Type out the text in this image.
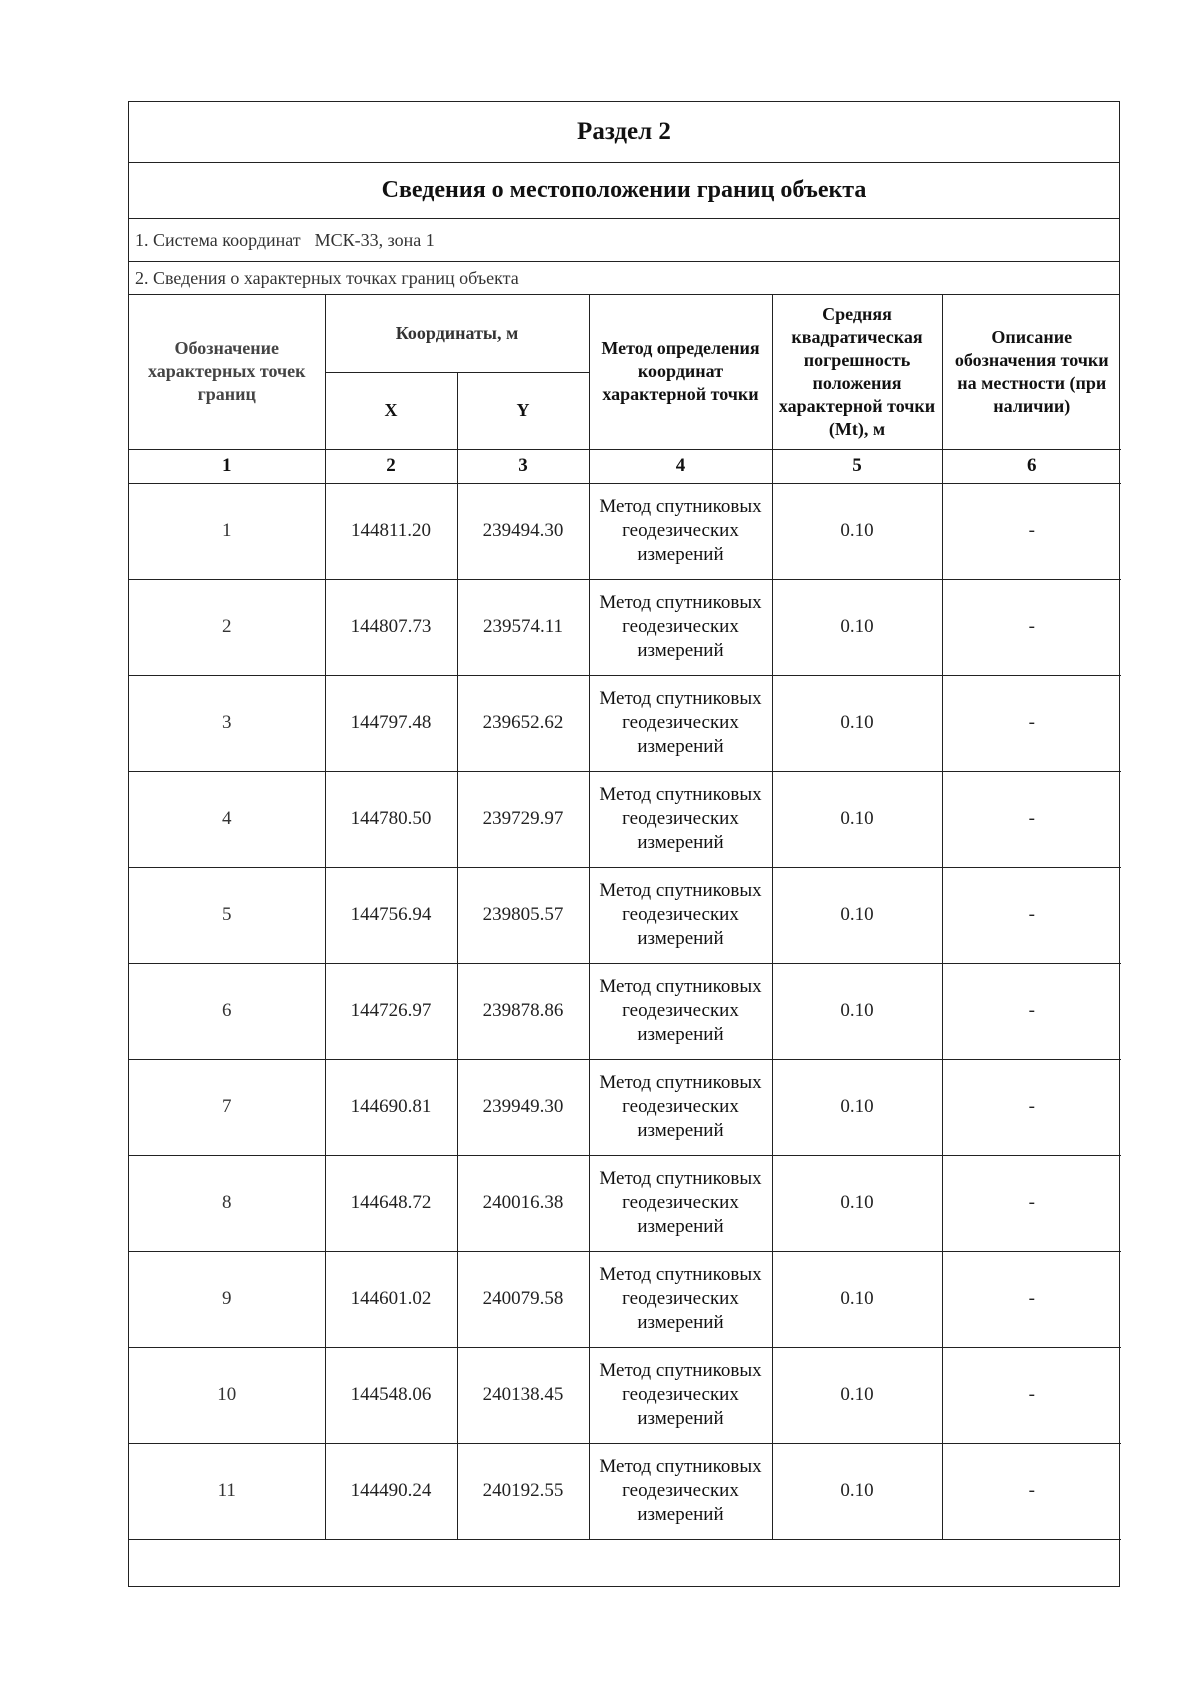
Раздел 2
Сведения о местоположении границ объекта
1. Система координат МСК-33, зона 1
2. Сведения о характерных точках границ объекта
Обозначение характерных точек границ	Координаты, м		Метод определения координат характерной точки	Средняя квадратическая погрешность положения характерной точки (Mt), м	Описание обозначения точки на местности (при наличии)
	X	Y			
1	2	3	4	5	6
1	144811.20	239494.30	Метод спутниковых геодезических измерений	0.10	-
2	144807.73	239574.11	Метод спутниковых геодезических измерений	0.10	-
3	144797.48	239652.62	Метод спутниковых геодезических измерений	0.10	-
4	144780.50	239729.97	Метод спутниковых геодезических измерений	0.10	-
5	144756.94	239805.57	Метод спутниковых геодезических измерений	0.10	-
6	144726.97	239878.86	Метод спутниковых геодезических измерений	0.10	-
7	144690.81	239949.30	Метод спутниковых геодезических измерений	0.10	-
8	144648.72	240016.38	Метод спутниковых геодезических измерений	0.10	-
9	144601.02	240079.58	Метод спутниковых геодезических измерений	0.10	-
10	144548.06	240138.45	Метод спутниковых геодезических измерений	0.10	-
11	144490.24	240192.55	Метод спутниковых геодезических измерений	0.10	-
